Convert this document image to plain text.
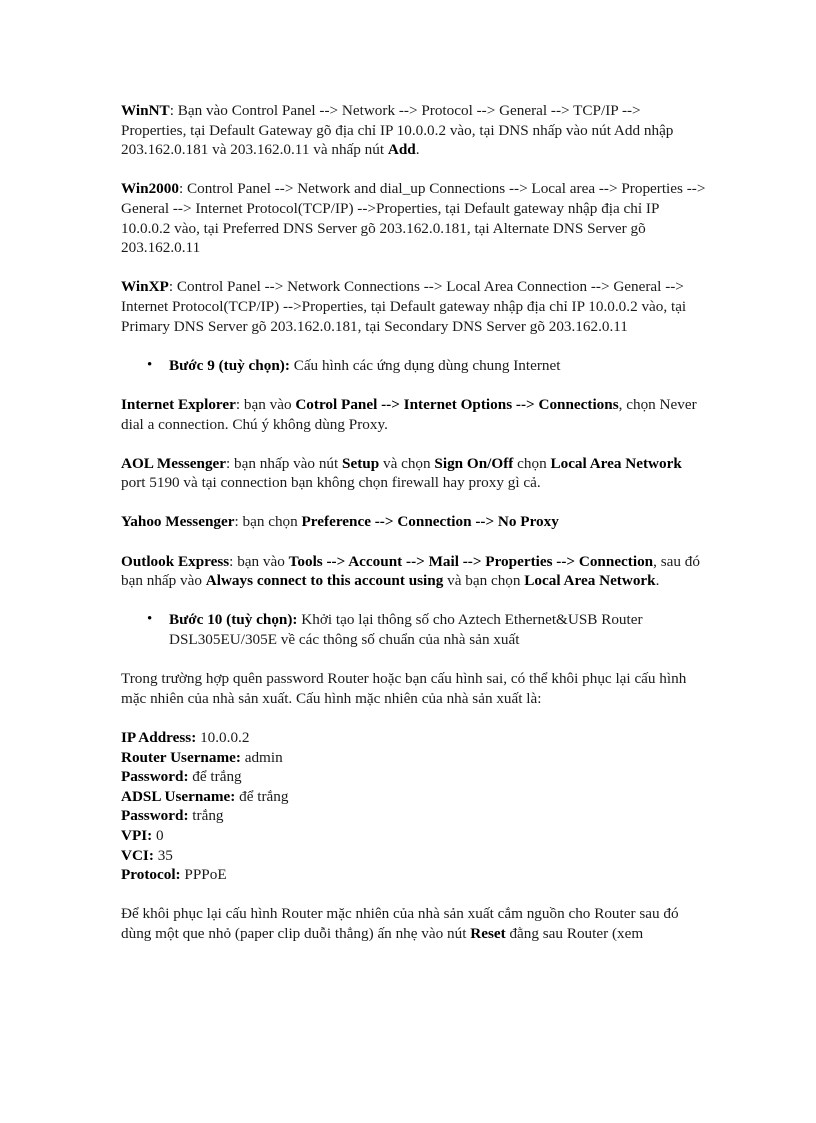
WinNT: Bạn vào Control Panel --> Network --> Protocol --> General --> TCP/IP --> Properties, tại Default Gateway gõ địa chỉ IP 10.0.0.2 vào, tại DNS nhấp vào nút Add nhập 203.162.0.181 và 203.162.0.11 và nhấp nút Add.

Win2000: Control Panel --> Network and dial_up Connections --> Local area --> Properties --> General --> Internet Protocol(TCP/IP) -->Properties, tại Default gateway nhập địa chỉ IP 10.0.0.2 vào, tại Preferred DNS Server gõ 203.162.0.181, tại Alternate DNS Server gõ 203.162.0.11

WinXP: Control Panel --> Network Connections --> Local Area Connection --> General --> Internet Protocol(TCP/IP) -->Properties, tại Default gateway nhập địa chỉ IP 10.0.0.2 vào, tại Primary DNS Server gõ 203.162.0.181, tại Secondary DNS Server gõ 203.162.0.11

• Bước 9 (tuỳ chọn): Cấu hình các ứng dụng dùng chung Internet

Internet Explorer: bạn vào Cotrol Panel --> Internet Options --> Connections, chọn Never dial a connection. Chú ý không dùng Proxy.

AOL Messenger: bạn nhấp vào nút Setup và chọn Sign On/Off chọn Local Area Network port 5190 và tại connection bạn không chọn firewall hay proxy gì cả.

Yahoo Messenger: bạn chọn Preference --> Connection --> No Proxy

Outlook Express: bạn vào Tools --> Account --> Mail --> Properties --> Connection, sau đó bạn nhấp vào Always connect to this account using và bạn chọn Local Area Network.

• Bước 10 (tuỳ chọn): Khởi tạo lại thông số cho Aztech Ethernet&USB Router DSL305EU/305E về các thông số chuẩn của nhà sản xuất

Trong trường hợp quên password Router hoặc bạn cấu hình sai, có thể khôi phục lại cấu hình mặc nhiên của nhà sản xuất. Cấu hình mặc nhiên của nhà sản xuất là:

IP Address: 10.0.0.2
Router Username: admin
Password: để trắng
ADSL Username: để trắng
Password: trắng
VPI: 0
VCI: 35
Protocol: PPPoE

Để khôi phục lại cấu hình Router mặc nhiên của nhà sản xuất cắm nguồn cho Router sau đó dùng một que nhỏ (paper clip duỗi thẳng) ấn nhẹ vào nút Reset đằng sau Router (xem
